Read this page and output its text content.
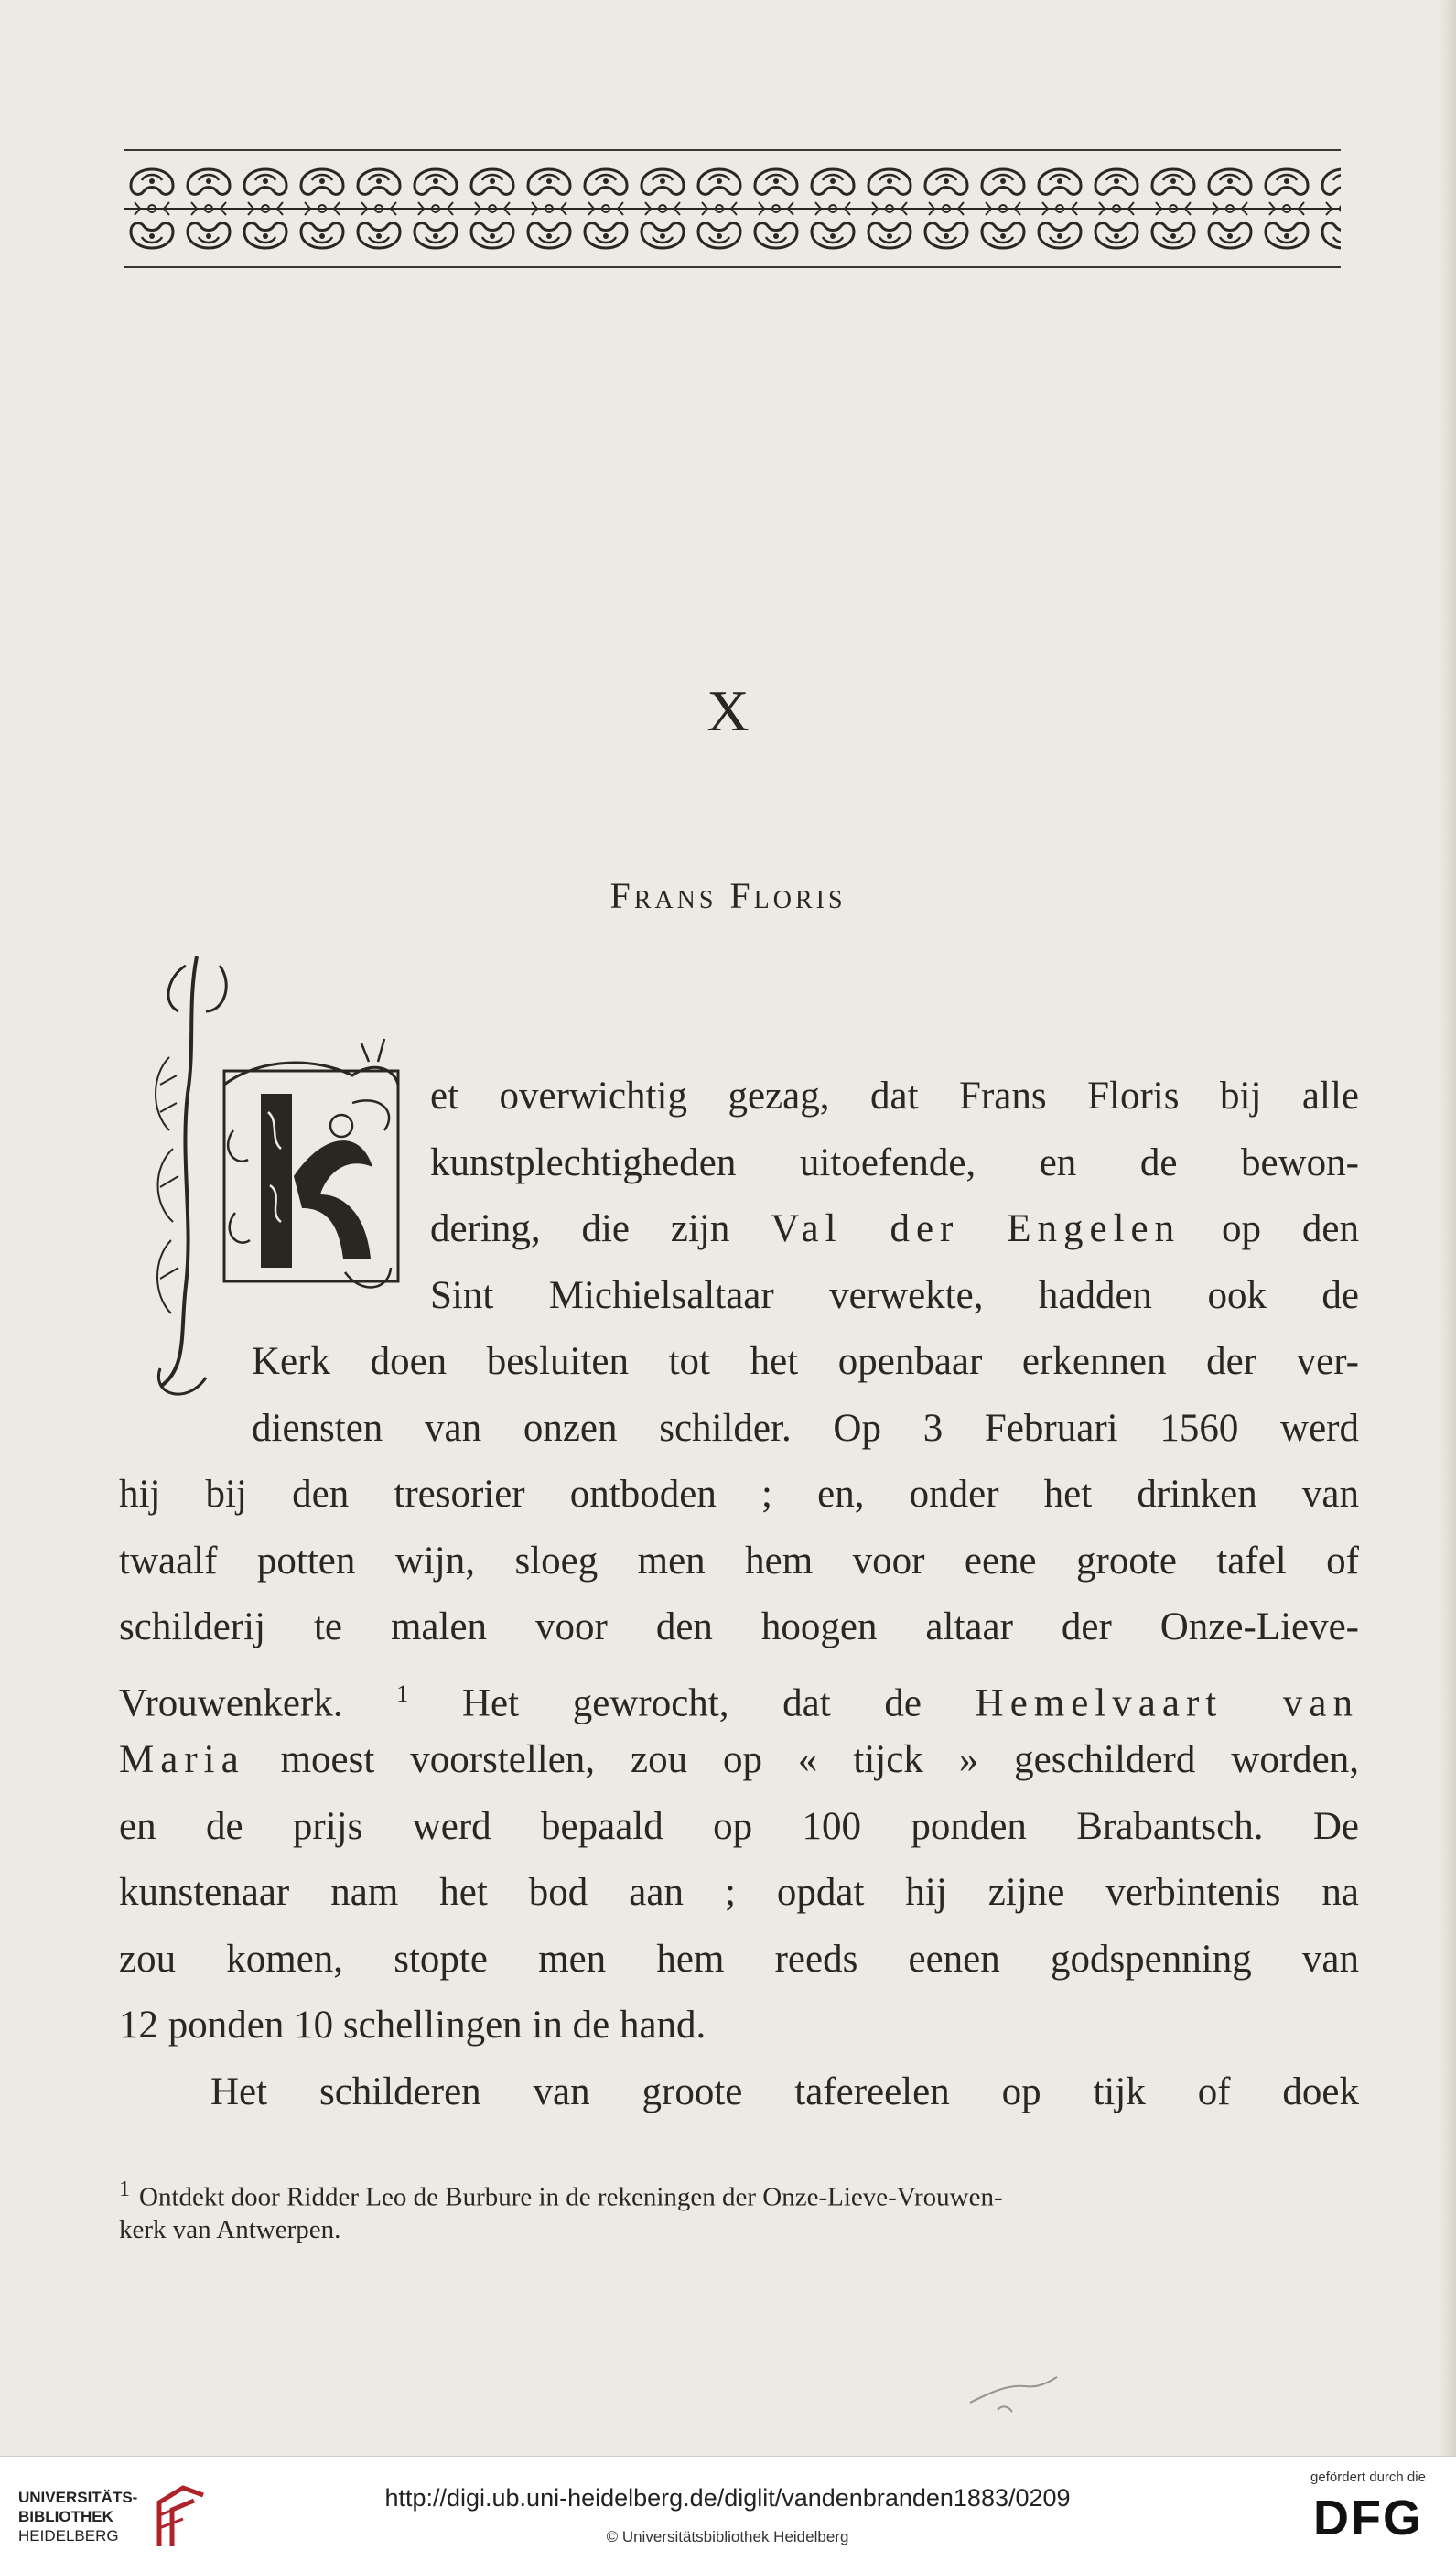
X
Frans Floris
et overwichtig gezag, dat Frans Floris bij alle
kunstplechtigheden uitoefende, en de bewon-
dering, die zijn Val der Engelen op den
Sint Michielsaltaar verwekte, hadden ook de
Kerk doen besluiten tot het openbaar erkennen der ver-
diensten van onzen schilder. Op 3 Februari 1560 werd
hij bij den tresorier ontboden ; en, onder het drinken van
twaalf potten wijn, sloeg men hem voor eene groote tafel of
schilderij te malen voor den hoogen altaar der Onze-Lieve-
Vrouwenkerk. $^1$ Het gewrocht, dat de Hemelvaart van
Maria moest voorstellen, zou op « tijck » geschilderd worden,
en de prijs werd bepaald op 100 ponden Brabantsch. De
kunstenaar nam het bod aan ; opdat hij zijne verbintenis na
zou komen, stopte men hem reeds eenen godspenning van
12 ponden 10 schellingen in de hand.
Het schilderen van groote tafereelen op tijk of doek
$^1$ Ontdekt door Ridder Leo de Burbure in de rekeningen der Onze-Lieve-Vrouwen-
kerk van Antwerpen.
UNIVERSITÄTS-
BIBLIOTHEK
HEIDELBERG
http://digi.ub.uni-heidelberg.de/diglit/vandenbranden1883/0209
© Universitätsbibliothek Heidelberg
gefördert durch die
DFG
